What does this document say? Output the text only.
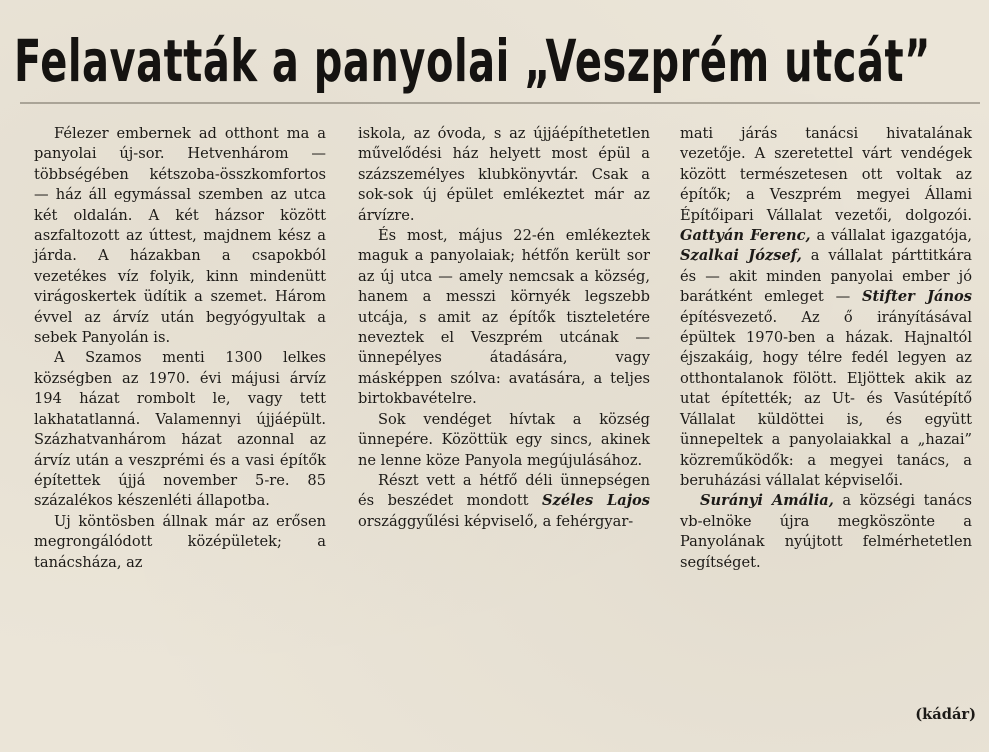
Felavatták a panyolai „Veszprém utcát”

Félezer embernek ad otthont ma a panyolai új-sor. Hetvenhárom — többségében kétszoba-összkomfortos — ház áll egymással szemben az utca két oldalán. A két házsor között aszfaltozott az úttest, majdnem kész a járda. A házakban a csapokból vezetékes víz folyik, kinn mindenütt virágoskertek üdítik a szemet. Három évvel az árvíz után begyógyultak a sebek Panyolán is.

A Szamos menti 1300 lelkes községben az 1970. évi májusi árvíz 194 házat rombolt le, vagy tett lakhatatlanná. Valamennyi újjáépült. Százhatvanhárom házat azonnal az árvíz után a veszprémi és a vasi építők építettek újjá november 5-re. 85 százalékos készenléti állapotba.

Uj köntösben állnak már az erősen megrongálódott középületek; a tanácsháza, az

iskola, az óvoda, s az újjáépíthetetlen művelődési ház helyett most épül a százszemélyes klubkönyvtár. Csak a sok-sok új épület emlékeztet már az árvízre.

És most, május 22-én emlékeztek maguk a panyolaiak; hétfőn került sor az új utca — amely nemcsak a község, hanem a messzi környék legszebb utcája, s amit az építők tiszteletére neveztek el Veszprém utcának — ünnepélyes átadására, vagy másképpen szólva: avatására, a teljes birtokbavételre.

Sok vendéget hívtak a község ünnepére. Közöttük egy sincs, akinek ne lenne köze Panyola megújulásához.

Részt vett a hétfő déli ünnepségen és beszédet mondott Széles Lajos országgyűlési képviselő, a fehérgyar-

mati járás tanácsi hivatalának vezetője. A szeretettel várt vendégek között természetesen ott voltak az építők; a Veszprém megyei Állami Építőipari Vállalat vezetői, dolgozói. Gattyán Ferenc, a vállalat igazgatója, Szalkai József, a vállalat párttitkára és — akit minden panyolai ember jó barátként emleget — Stifter János építésvezető. Az ő irányításával épültek 1970-ben a házak. Hajnaltól éjszakáig, hogy télre fedél legyen az otthontalanok fölött. Eljöttek akik az utat építették; az Ut- és Vasútépítő Vállalat küldöttei is, és együtt ünnepeltek a panyolaiakkal a „hazai” közreműködők: a megyei tanács, a beruházási vállalat képviselői.

Surányi Amália, a községi tanács vb-elnöke újra megköszönte a Panyolának nyújtott felmérhetetlen segítséget.

(kádár)
